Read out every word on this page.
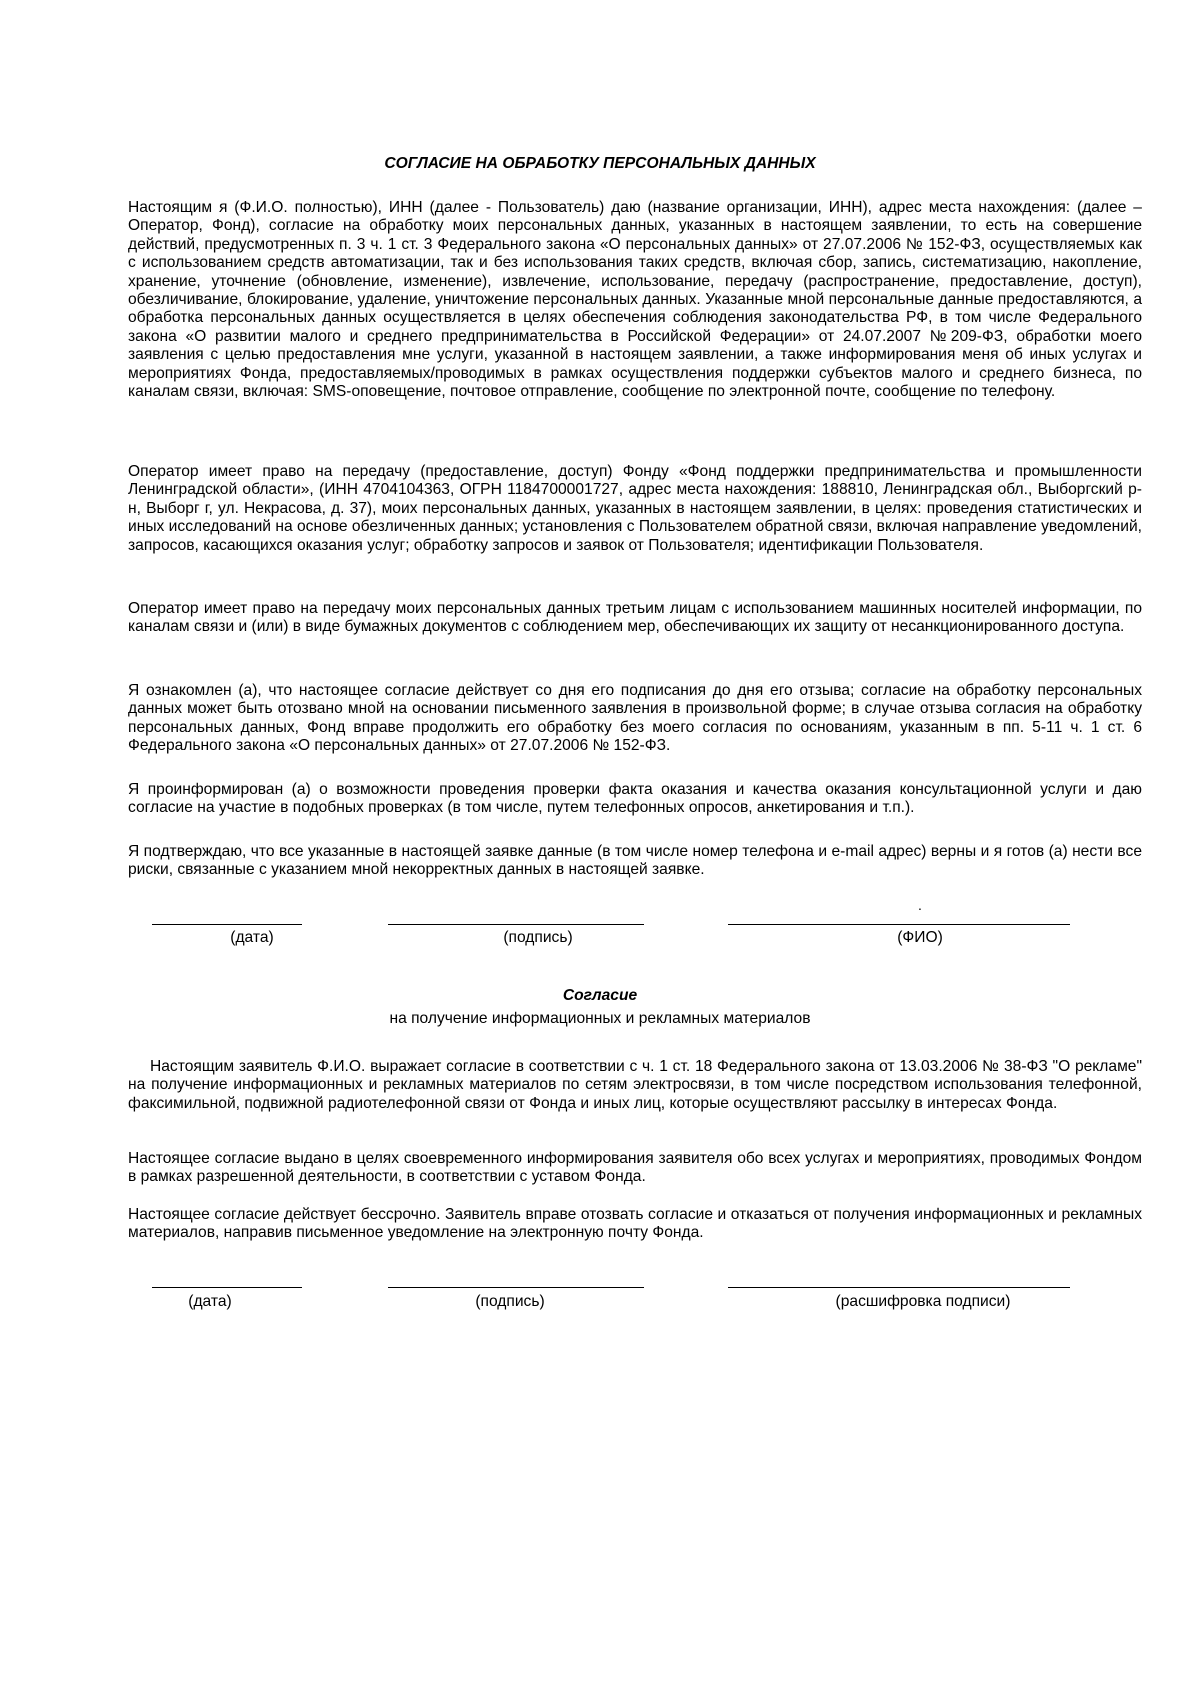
СОГЛАСИЕ НА ОБРАБОТКУ ПЕРСОНАЛЬНЫХ ДАННЫХ

Настоящим я (Ф.И.О. полностью), ИНН (далее - Пользователь) даю (название организации, ИНН), адрес места нахождения: (далее – Оператор, Фонд), согласие на обработку моих персональных данных, указанных в настоящем заявлении, то есть на совершение действий, предусмотренных п. 3 ч. 1 ст. 3 Федерального закона «О персональных данных» от 27.07.2006 № 152-ФЗ, осуществляемых как с использованием средств автоматизации, так и без использования таких средств, включая сбор, запись, систематизацию, накопление, хранение, уточнение (обновление, изменение), извлечение, использование, передачу (распространение, предоставление, доступ), обезличивание, блокирование, удаление, уничтожение персональных данных. Указанные мной персональные данные предоставляются, а обработка персональных данных осуществляется в целях обеспечения соблюдения законодательства РФ, в том числе Федерального закона «О развитии малого и среднего предпринимательства в Российской Федерации» от 24.07.2007 №209-ФЗ, обработки моего заявления с целью предоставления мне услуги, указанной в настоящем заявлении, а также информирования меня об иных услугах и мероприятиях Фонда, предоставляемых/проводимых в рамках осуществления поддержки субъектов малого и среднего бизнеса, по каналам связи, включая: SMS-оповещение, почтовое отправление, сообщение по электронной почте, сообщение по телефону.

Оператор имеет право на передачу (предоставление, доступ) Фонду «Фонд поддержки предпринимательства и промышленности Ленинградской области», (ИНН 4704104363, ОГРН 1184700001727, адрес места нахождения: 188810, Ленинградская обл., Выборгский р-н, Выборг г, ул. Некрасова, д. 37), моих персональных данных, указанных в настоящем заявлении, в целях: проведения статистических и иных исследований на основе обезличенных данных; установления с Пользователем обратной связи, включая направление уведомлений, запросов, касающихся оказания услуг; обработку запросов и заявок от Пользователя; идентификации Пользователя.

Оператор имеет право на передачу моих персональных данных третьим лицам с использованием машинных носителей информации, по каналам связи и (или) в виде бумажных документов с соблюдением мер, обеспечивающих их защиту от несанкционированного доступа.

Я ознакомлен (а), что настоящее согласие действует со дня его подписания до дня его отзыва; согласие на обработку персональных данных может быть отозвано мной на основании письменного заявления в произвольной форме; в случае отзыва согласия на обработку персональных данных, Фонд вправе продолжить его обработку без моего согласия по основаниям, указанным в пп. 5-11 ч. 1 ст. 6 Федерального закона «О персональных данных» от 27.07.2006 № 152-ФЗ.

Я проинформирован (а) о возможности проведения проверки факта оказания и качества оказания консультационной услуги и даю согласие на участие в подобных проверках (в том числе, путем телефонных опросов, анкетирования и т.п.).

Я подтверждаю, что все указанные в настоящей заявке данные (в том числе номер телефона и e-mail адрес) верны и я готов (а) нести все риски, связанные с указанием мной некорректных данных в настоящей заявке.

.
(дата)	(подпись)	(ФИО)
Согласие
на получение информационных и рекламных материалов

Настоящим заявитель Ф.И.О. выражает согласие в соответствии с ч. 1 ст. 18 Федерального закона от 13.03.2006 № 38-ФЗ "О рекламе" на получение информационных и рекламных материалов по сетям электросвязи, в том числе посредством использования телефонной, факсимильной, подвижной радиотелефонной связи от Фонда и иных лиц, которые осуществляют рассылку в интересах Фонда.

Настоящее согласие выдано в целях своевременного информирования заявителя обо всех услугах и мероприятиях, проводимых Фондом в рамках разрешенной деятельности, в соответствии с уставом Фонда.

Настоящее согласие действует бессрочно. Заявитель вправе отозвать согласие и отказаться от получения информационных и рекламных материалов, направив письменное уведомление на электронную почту Фонда.

(дата)	(подпись)	(расшифровка подписи)
